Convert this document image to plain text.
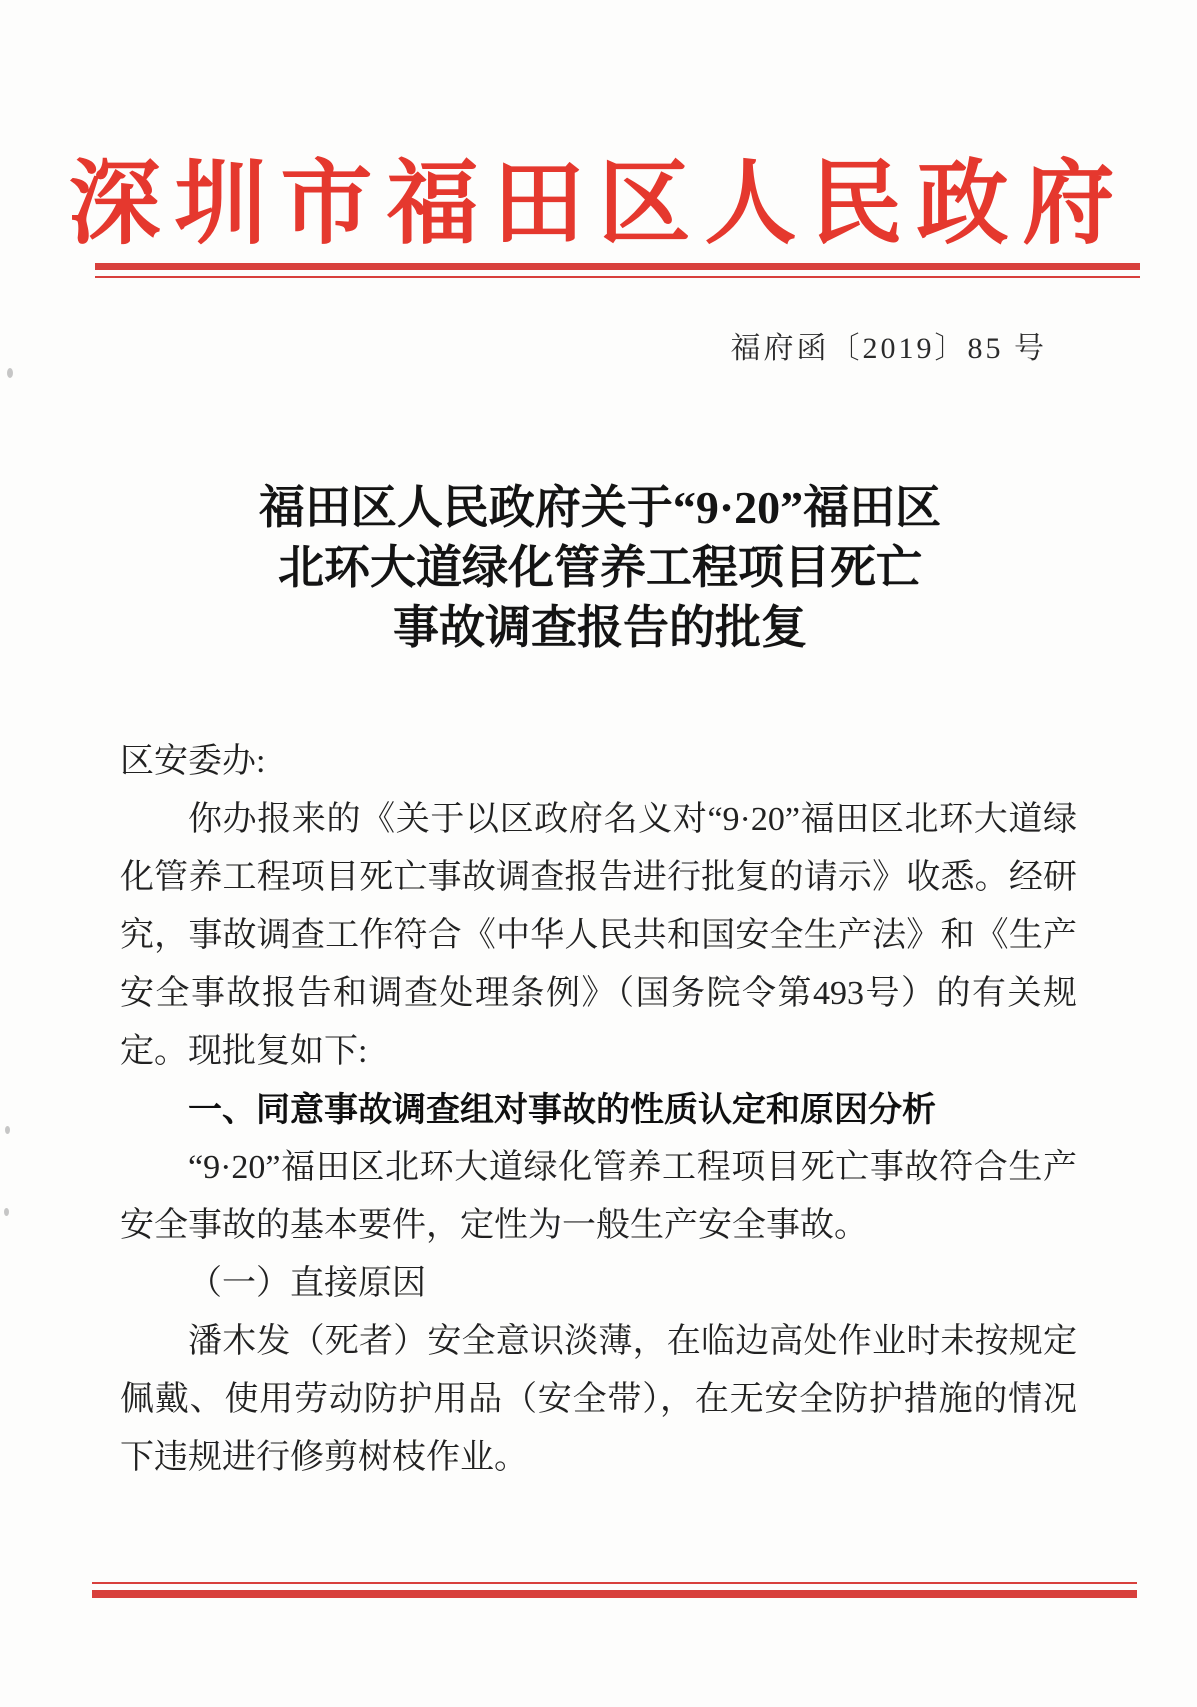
深圳市福田区人民政府
福府函〔2019〕85 号
福田区人民政府关于“9·20”福田区
北环大道绿化管养工程项目死亡
事故调查报告的批复

区安委办:

你办报来的《关于以区政府名义对“9·20”福田区北环大道绿化管养工程项目死亡事故调查报告进行批复的请示》收悉。经研究，事故调查工作符合《中华人民共和国安全生产法》和《生产安全事故报告和调查处理条例》（国务院令第493号）的有关规定。现批复如下:

一、同意事故调查组对事故的性质认定和原因分析

“9·20”福田区北环大道绿化管养工程项目死亡事故符合生产安全事故的基本要件，定性为一般生产安全事故。

（一）直接原因

潘木发（死者）安全意识淡薄，在临边高处作业时未按规定佩戴、使用劳动防护用品（安全带），在无安全防护措施的情况下违规进行修剪树枝作业。
